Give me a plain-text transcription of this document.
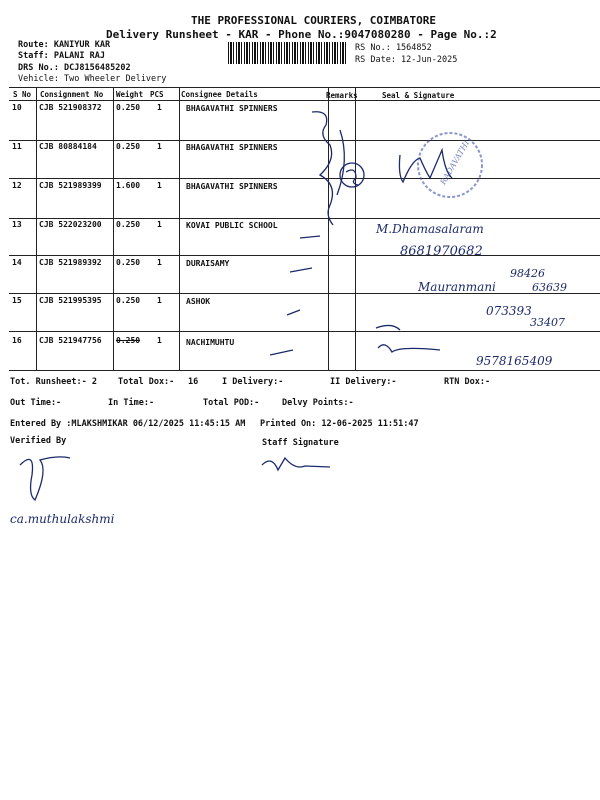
THE PROFESSIONAL COURIERS, COIMBATORE
Delivery Runsheet - KAR - Phone No.:9047080280 - Page No.:2
Route: KANIYUR KAR
Staff: PALANI RAJ
DRS No.: DCJ8156485202
Vehicle: Two Wheeler Delivery
RS No.: 1564852
RS Date: 12-Jun-2025
S No Consignment No Weight PCS Consignee Details	Remarks	Seal & Signature
10 CJB 521908372 0.250 1	BHAGAVATHI SPINNERS
11 CJB 80884184 0.250 1	BHAGAVATHI SPINNERS
12 CJB 521989399 1.600 1	BHAGAVATHI SPINNERS
13 CJB 522023200 0.250 1	KOVAI PUBLIC SCHOOL
14 CJB 521989392 0.250 1	DURAISAMY
15 CJB 521995395 0.250 1	ASHOK
16 CJB 521947756 0.250 1	NACHIMUHTU
RADAVATHI
M.Dhamasalaram
8681970682
Mauranmani
98426
63639
073393
33407
9578165409
ca.muthulakshmi
Tot. Runsheet:- 2 Total Dox:- 16	I Delivery:-	II Delivery:-	RTN Dox:-
Out Time:-	In Time:-	Total POD:-	Delvy Points:-
Entered By :MLAKSHMIKAR 06/12/2025 11:45:15 AM Printed On: 12-06-2025 11:51:47
Verified By	Staff Signature
